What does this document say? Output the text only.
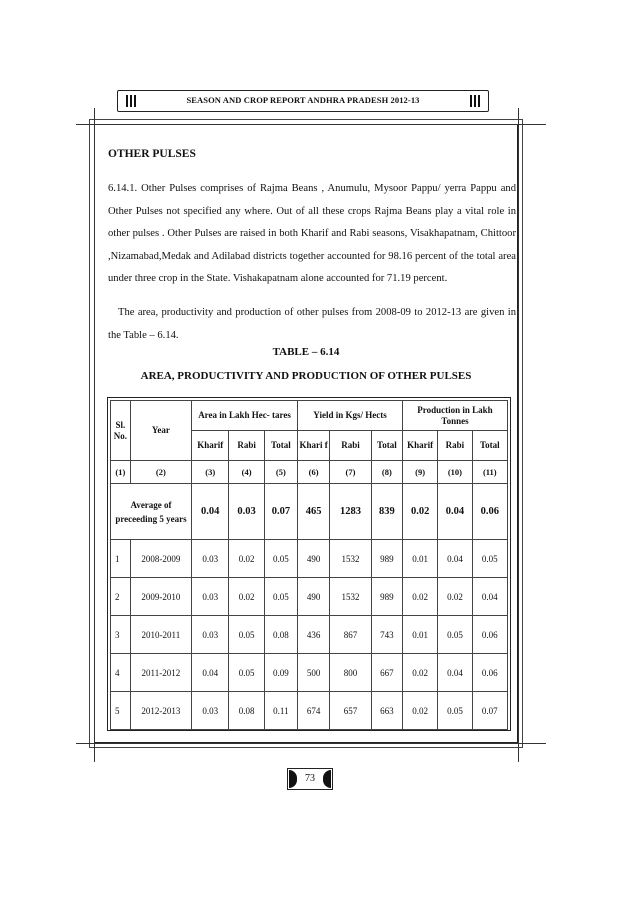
SEASON AND CROP REPORT ANDHRA PRADESH 2012-13
OTHER PULSES

6.14.1. Other Pulses comprises of Rajma Beans , Anumulu, Mysoor Pappu/ yerra Pappu and Other Pulses not specified any where. Out of all these crops Rajma Beans play a vital role in other pulses . Other Pulses are raised in both Kharif and Rabi seasons, Visakhapatnam, Chittoor ,Nizamabad,Medak and Adilabad districts together accounted for 98.16 percent of the total area under three crop in the State. Vishakapatnam alone accounted for 71.19 percent.

The area, productivity and production of other pulses from 2008-09 to 2012-13 are given in the Table – 6.14.

TABLE – 6.14
AREA, PRODUCTIVITY AND PRODUCTION OF OTHER PULSES
Sl. No.	Year	Area in Lakh Hec- tares			Yield in Kgs/ Hects			Production in Lakh Tonnes		
		Kharif	Rabi	Total	Khari f	Rabi	Total	Kharif	Rabi	Total
(1)	(2)	(3)	(4)	(5)	(6)	(7)	(8)	(9)	(10)	(11)
Average of preceeding 5 years		0.04	0.03	0.07	465	1283	839	0.02	0.04	0.06
1	2008-2009	0.03	0.02	0.05	490	1532	989	0.01	0.04	0.05
2	2009-2010	0.03	0.02	0.05	490	1532	989	0.02	0.02	0.04
3	2010-2011	0.03	0.05	0.08	436	867	743	0.01	0.05	0.06
4	2011-2012	0.04	0.05	0.09	500	800	667	0.02	0.04	0.06
5	2012-2013	0.03	0.08	0.11	674	657	663	0.02	0.05	0.07
73
